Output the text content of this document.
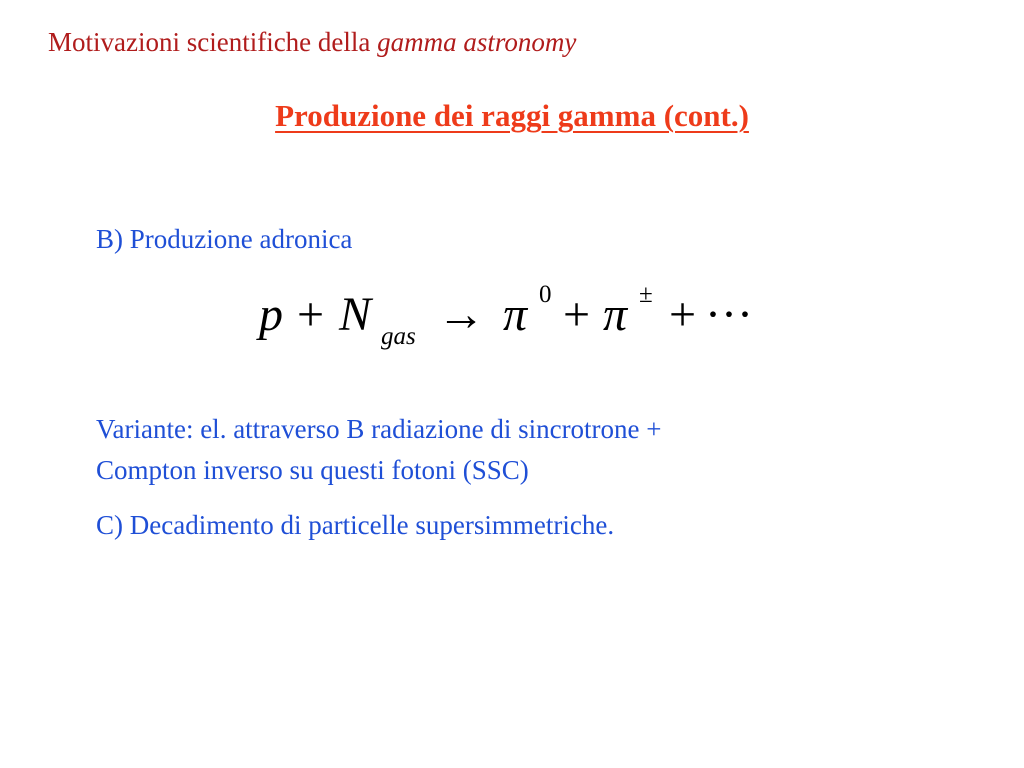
Motivazioni scientifiche della gamma astronomy
Produzione dei raggi gamma (cont.)
B) Produzione adronica
p + N gas → π 0 + π ± + ···
Variante: el. attraverso B radiazione di sincrotrone +
Compton inverso su questi fotoni (SSC)
C) Decadimento di particelle supersimmetriche.
